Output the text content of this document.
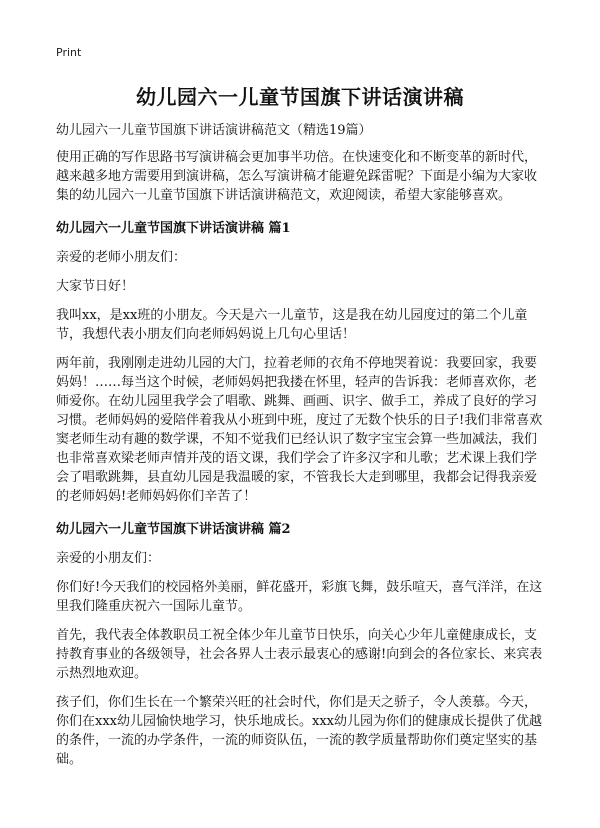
Print
幼儿园六一儿童节国旗下讲话演讲稿
幼儿园六一儿童节国旗下讲话演讲稿范文（精选19篇）

使用正确的写作思路书写演讲稿会更加事半功倍。在快速变化和不断变革的新时代，越来越多地方需要用到演讲稿，怎么写演讲稿才能避免踩雷呢？下面是小编为大家收集的幼儿园六一儿童节国旗下讲话演讲稿范文，欢迎阅读，希望大家能够喜欢。

幼儿园六一儿童节国旗下讲话演讲稿 篇1

亲爱的老师小朋友们：

大家节日好！

我叫xx，是xx班的小朋友。今天是六一儿童节，这是我在幼儿园度过的第二个儿童节，我想代表小朋友们向老师妈妈说上几句心里话！

两年前，我刚刚走进幼儿园的大门，拉着老师的衣角不停地哭着说：我要回家，我要妈妈！……每当这个时候，老师妈妈把我搂在怀里，轻声的告诉我：老师喜欢你，老师爱你。在幼儿园里我学会了唱歌、跳舞、画画、识字、做手工，养成了良好的学习习惯。老师妈妈的爱陪伴着我从小班到中班，度过了无数个快乐的日子!我们非常喜欢窦老师生动有趣的数学课，不知不觉我们已经认识了数字宝宝会算一些加减法，我们也非常喜欢梁老师声情并茂的语文课，我们学会了许多汉字和儿歌；艺术课上我们学会了唱歌跳舞，县直幼儿园是我温暖的家，不管我长大走到哪里，我都会记得我亲爱的老师妈妈!老师妈妈你们辛苦了！

幼儿园六一儿童节国旗下讲话演讲稿 篇2

亲爱的小朋友们：

你们好!今天我们的校园格外美丽，鲜花盛开，彩旗飞舞，鼓乐喧天，喜气洋洋，在这里我们隆重庆祝六一国际儿童节。

首先，我代表全体教职员工祝全体少年儿童节日快乐，向关心少年儿童健康成长，支持教育事业的各级领导，社会各界人士表示最衷心的感谢!向到会的各位家长、来宾表示热烈地欢迎。

孩子们，你们生长在一个繁荣兴旺的社会时代，你们是天之骄子，令人羡慕。今天，你们在xxx幼儿园愉快地学习，快乐地成长。xxx幼儿园为你们的健康成长提供了优越的条件，一流的办学条件，一流的师资队伍，一流的教学质量帮助你们奠定坚实的基础。
